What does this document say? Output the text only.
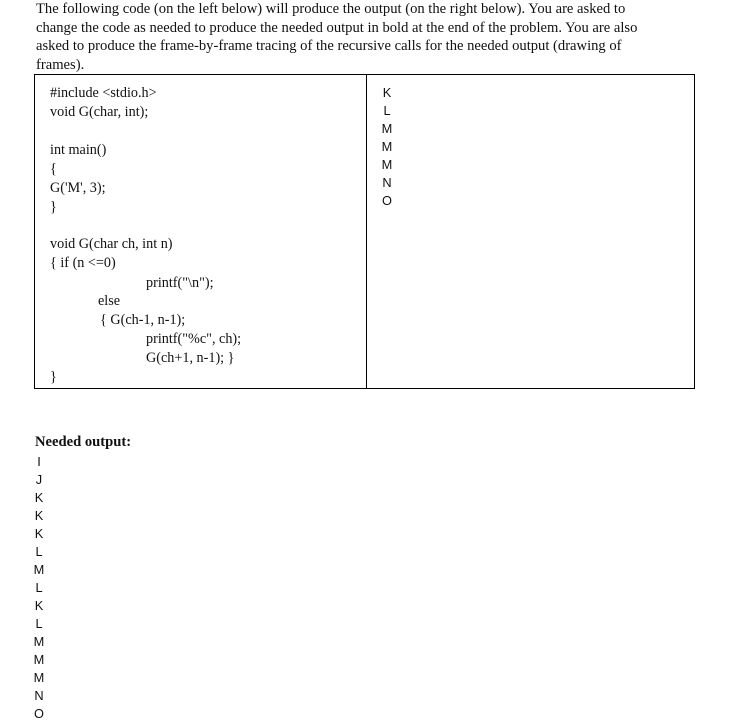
The following code (on the left below) will produce the output (on the right below). You are asked to
change the code as needed to produce the needed output in bold at the end of the problem. You are also
asked to produce the frame-by-frame tracing of the recursive calls for the needed output (drawing of
frames).
#include <stdio.h>
void G(char, int);
int main()
{
G('M', 3);
}
void G(char ch, int n)
{ if (n <=0)
printf("\n");
else
{ G(ch-1, n-1);
printf("%c", ch);
G(ch+1, n-1); }
}
K
L
M
M
M
N
O
Needed output:
I
J
K
K
K
L
M
L
K
L
M
M
M
N
O
